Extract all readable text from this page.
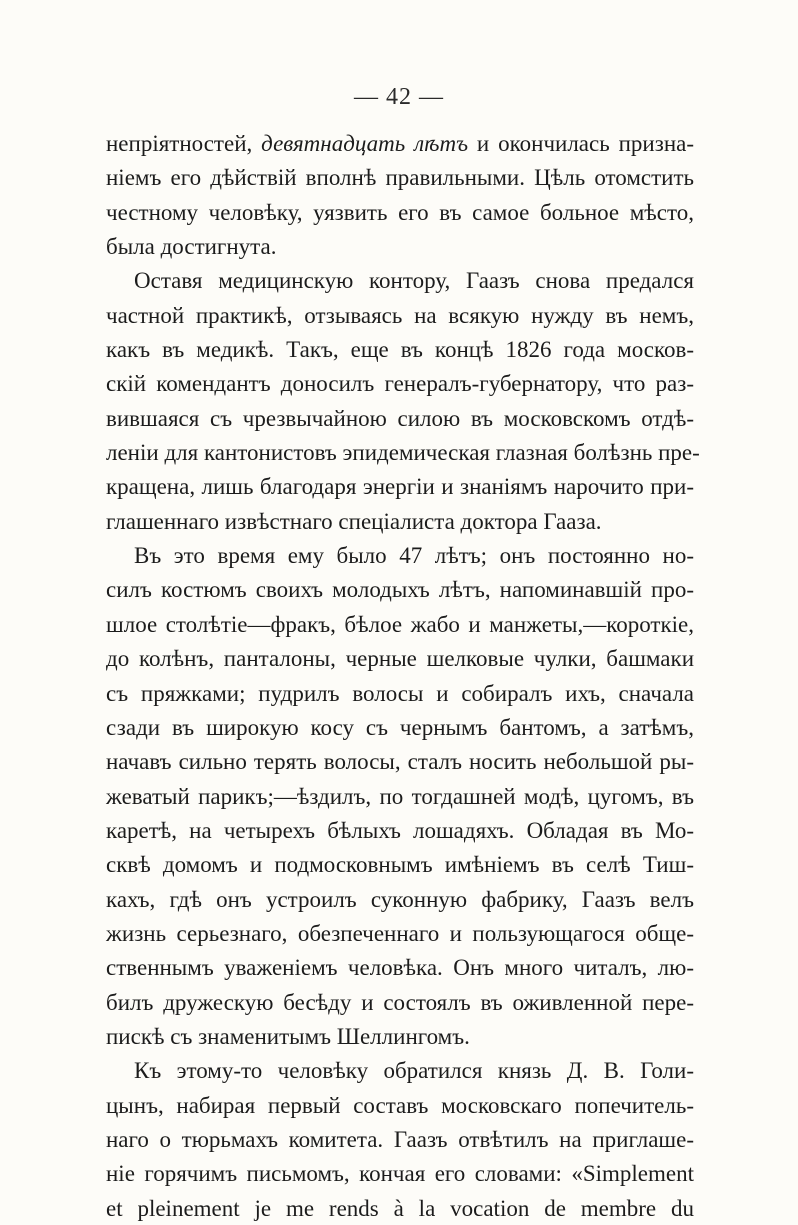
— 42 —
непріятностей, девятнадцать лѣтъ и окончилась призна-
ніемъ его дѣйствій вполнѣ правильными. Цѣль отомстить
честному человѣку, уязвить его въ самое больное мѣсто,
была достигнута.
Оставя медицинскую контору, Гаазъ снова предался
частной практикѣ, отзываясь на всякую нужду въ немъ,
какъ въ медикѣ. Такъ, еще въ концѣ 1826 года москов-
скій комендантъ доносилъ генералъ-губернатору, что раз-
вившаяся съ чрезвычайною силою въ московскомъ отдѣ-
леніи для кантонистовъ эпидемическая глазная болѣзнь пре-
кращена, лишь благодаря энергіи и знаніямъ нарочито при-
глашеннаго извѣстнаго спеціалиста доктора Гааза.
Въ это время ему было 47 лѣтъ; онъ постоянно но-
силъ костюмъ своихъ молодыхъ лѣтъ, напоминавшій про-
шлое столѣтіе—фракъ, бѣлое жабо и манжеты,—короткіе,
до колѣнъ, панталоны, черные шелковые чулки, башмаки
съ пряжками; пудрилъ волосы и собиралъ ихъ, сначала
сзади въ широкую косу съ чернымъ бантомъ, а затѣмъ,
начавъ сильно терять волосы, сталъ носить небольшой ры-
жеватый парикъ;—ѣздилъ, по тогдашней модѣ, цугомъ, въ
каретѣ, на четырехъ бѣлыхъ лошадяхъ. Обладая въ Мо-
сквѣ домомъ и подмосковнымъ имѣніемъ въ селѣ Тиш-
кахъ, гдѣ онъ устроилъ суконную фабрику, Гаазъ велъ
жизнь серьезнаго, обезпеченнаго и пользующагося обще-
ственнымъ уваженіемъ человѣка. Онъ много читалъ, лю-
билъ дружескую бесѣду и состоялъ въ оживленной пере-
пискѣ съ знаменитымъ Шеллингомъ.
Къ этому-то человѣку обратился князь Д. В. Голи-
цынъ, набирая первый составъ московскаго попечитель-
наго о тюрьмахъ комитета. Гаазъ отвѣтилъ на приглаше-
ніе горячимъ письмомъ, кончая его словами: «Simplement
et pleinement je me rends à la vocation de membre du
